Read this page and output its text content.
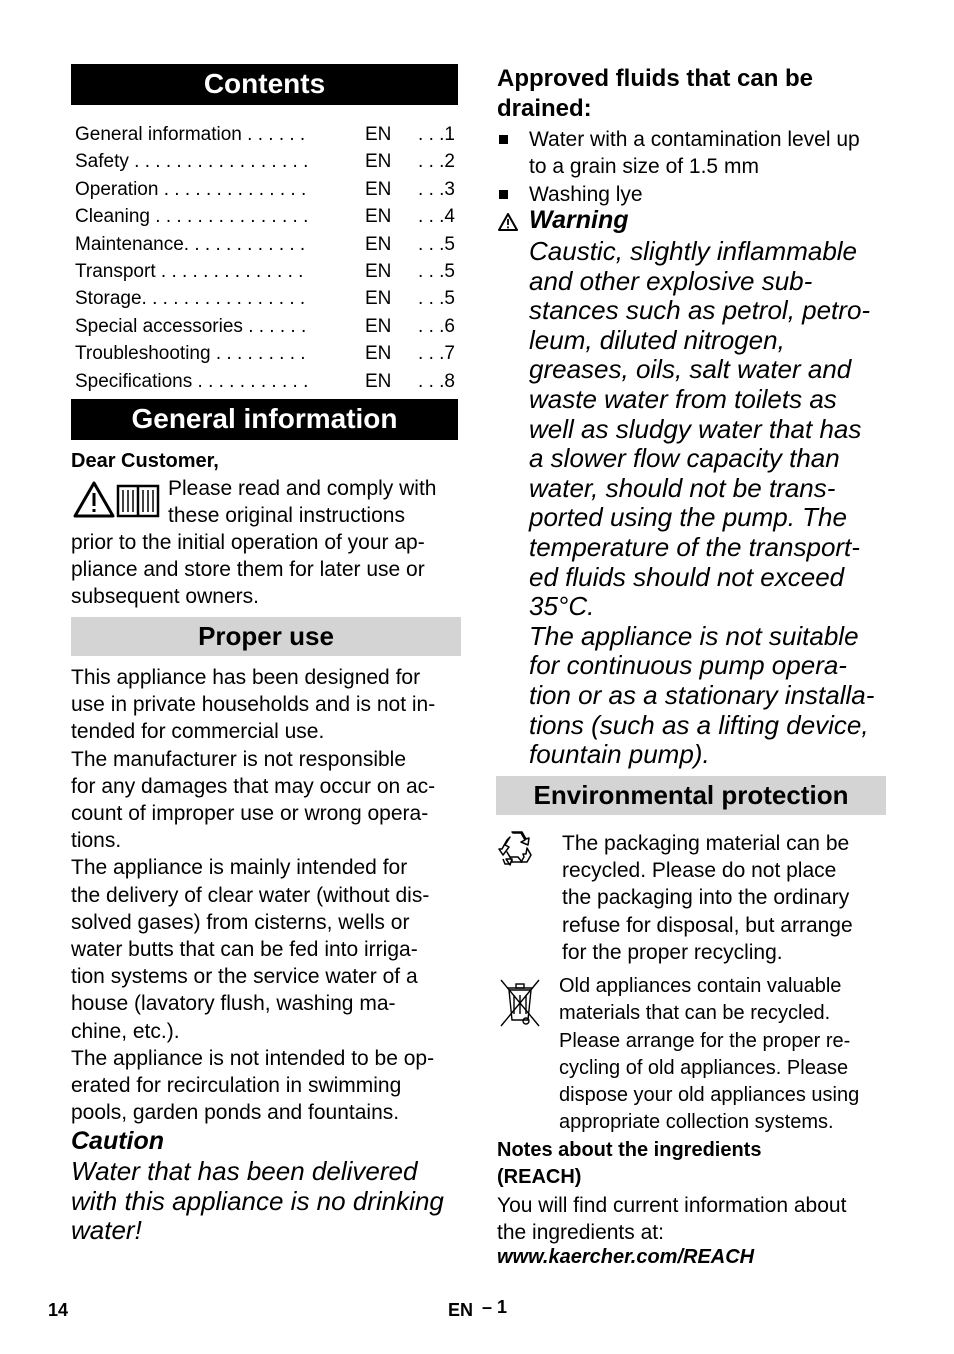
Contents
General information . . . . . .	EN . . .1
Safety . . . . . . . . . . . . . . . . .	EN . . .2
Operation . . . . . . . . . . . . . .	EN . . .3
Cleaning . . . . . . . . . . . . . . .	EN . . .4
Maintenance. . . . . . . . . . . .	EN . . .5
Transport . . . . . . . . . . . . . .	EN . . .5
Storage. . . . . . . . . . . . . . . .	EN . . .5
Special accessories . . . . . .	EN . . .6
Troubleshooting . . . . . . . . .	EN . . .7
Specifications . . . . . . . . . . .	EN . . .8
General information
Dear Customer,
Please read and comply with
these original instructions
prior to the initial operation of your ap-
pliance and store them for later use or
subsequent owners.
Proper use
This appliance has been designed for
use in private households and is not in-
tended for commercial use.
The manufacturer is not responsible
for any damages that may occur on ac-
count of improper use or wrong opera-
tions.
The appliance is mainly intended for
the delivery of clear water (without dis-
solved gases) from cisterns, wells or
water butts that can be fed into irriga-
tion systems or the service water of a
house (lavatory flush, washing ma-
chine, etc.).
The appliance is not intended to be op-
erated for recirculation in swimming
pools, garden ponds and fountains.
Caution
Water that has been delivered
with this appliance is no drinking
water!
Approved fluids that can be
drained:
Water with a contamination level up
to a grain size of 1.5 mm
Washing lye
Warning
Caustic, slightly inflammable
and other explosive sub-
stances such as petrol, petro-
leum, diluted nitrogen,
greases, oils, salt water and
waste water from toilets as
well as sludgy water that has
a slower flow capacity than
water, should not be trans-
ported using the pump. The
temperature of the transport-
ed fluids should not exceed
35°C.
The appliance is not suitable
for continuous pump opera-
tion or as a stationary installa-
tions (such as a lifting device,
fountain pump).
Environmental protection
The packaging material can be
recycled. Please do not place
the packaging into the ordinary
refuse for disposal, but arrange
for the proper recycling.
Old appliances contain valuable
materials that can be recycled.
Please arrange for the proper re-
cycling of old appliances. Please
dispose your old appliances using
appropriate collection systems.
Notes about the ingredients
(REACH)
You will find current information about
the ingredients at:
www.kaercher.com/REACH
14	EN – 1
